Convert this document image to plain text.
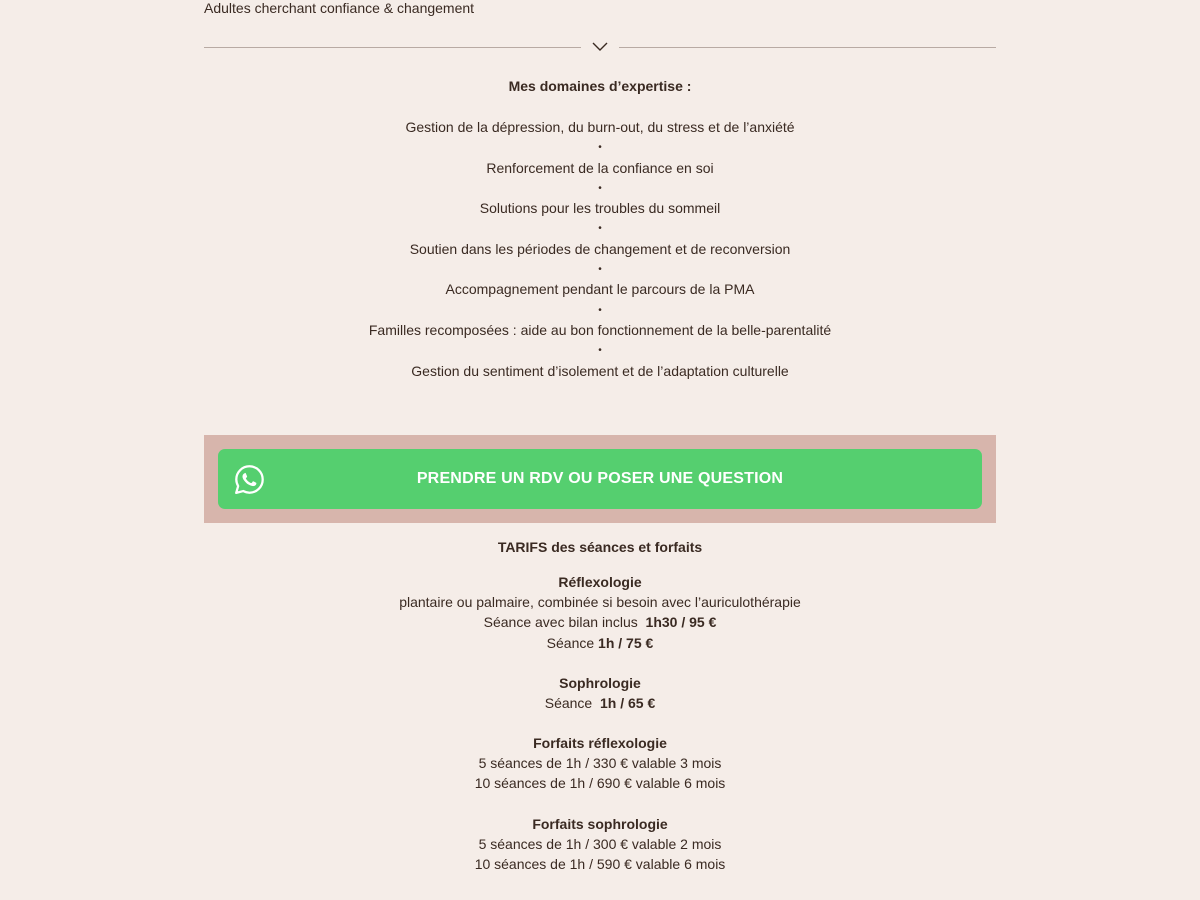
Adultes cherchant confiance & changement
Mes domaines d’expertise :
Gestion de la dépression, du burn-out, du stress et de l’anxiété
•
Renforcement de la confiance en soi
•
Solutions pour les troubles du sommeil
•
Soutien dans les périodes de changement et de reconversion
•
Accompagnement pendant le parcours de la PMA
•
Familles recomposées : aide au bon fonctionnement de la belle-parentalité
•
Gestion du sentiment d’isolement et de l’adaptation culturelle
PRENDRE UN RDV OU POSER UNE QUESTION
TARIFS des séances et forfaits
Réflexologie
plantaire ou palmaire, combinée si besoin avec l’auriculothérapie
Séance avec bilan inclus 1h30 / 95 €
Séance 1h / 75 €
Sophrologie
Séance 1h / 65 €
Forfaits réflexologie
5 séances de 1h / 330 € valable 3 mois
10 séances de 1h / 690 € valable 6 mois
Forfaits sophrologie
5 séances de 1h / 300 € valable 2 mois
10 séances de 1h / 590 € valable 6 mois
